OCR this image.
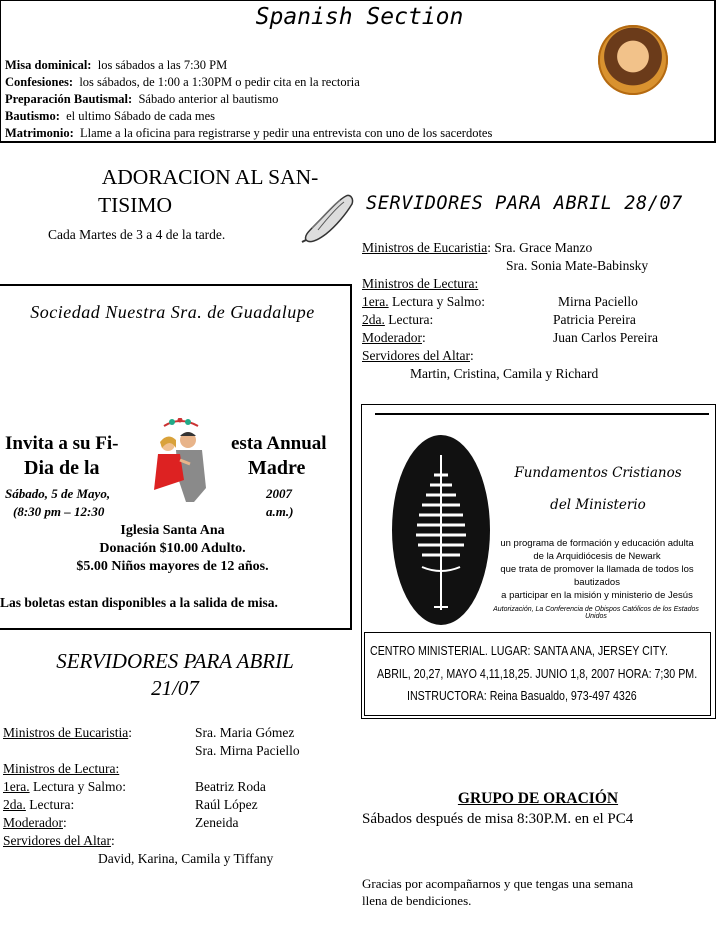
Spanish Section
Misa dominical: los sábados a las 7:30 PM
Confesiones: los sábados, de 1:00 a 1:30PM o pedir cita en la rectoria
Preparación Bautismal: Sábado anterior al bautismo
Bautismo: el ultimo Sábado de cada mes
Matrimonio: Llame a la oficina para registrarse y pedir una entrevista con uno de los sacerdotes
ADORACION AL SAN-
TISIMO
Cada Martes de 3 a 4 de la tarde.
SERVIDORES PARA ABRIL 28/07
Ministros de Eucaristia: Sra. Grace Manzo
Sra. Sonia Mate-Babinsky
Ministros de Lectura:
1era. Lectura y Salmo:	Mirna Paciello
2da. Lectura:	Patricia Pereira
Moderador:	Juan Carlos Pereira
Servidores del Altar:
Martin, Cristina, Camila y Richard
Sociedad Nuestra Sra. de Guadalupe
Invita a su Fi-	esta Annual
Dia de la	Madre
Sábado, 5 de Mayo,	2007
(8:30 pm – 12:30	a.m.)
Iglesia Santa Ana
Donación $10.00 Adulto.
$5.00 Niños mayores de 12 años.
Las boletas estan disponibles a la salida de misa.
SERVIDORES PARA ABRIL
21/07
Ministros de Eucaristia:	Sra. Maria Gómez
Sra. Mirna Paciello
Ministros de Lectura:
1era. Lectura y Salmo:	Beatriz Roda
2da. Lectura:	Raúl López
Moderador:	Zeneida
Servidores del Altar:
David, Karina, Camila y Tiffany
Fundamentos Cristianos
del Ministerio
un programa de formación y educación adulta
de la Arquidiócesis de Newark
que trata de promover la llamada de todos los bautizados
a participar en la misión y ministerio de Jesús
Autorización, La Conferencia de Obispos Católicos de los Estados Unidos
CENTRO MINISTERIAL. LUGAR: SANTA ANA, JERSEY CITY.
ABRIL, 20,27, MAYO 4,11,18,25. JUNIO 1,8, 2007 HORA: 7;30 PM.
INSTRUCTORA: Reina Basualdo, 973-497 4326
GRUPO DE ORACIÓN
Sábados después de misa 8:30P.M. en el PC4
Gracias por acompañarnos y que tengas una semana
llena de bendiciones.
